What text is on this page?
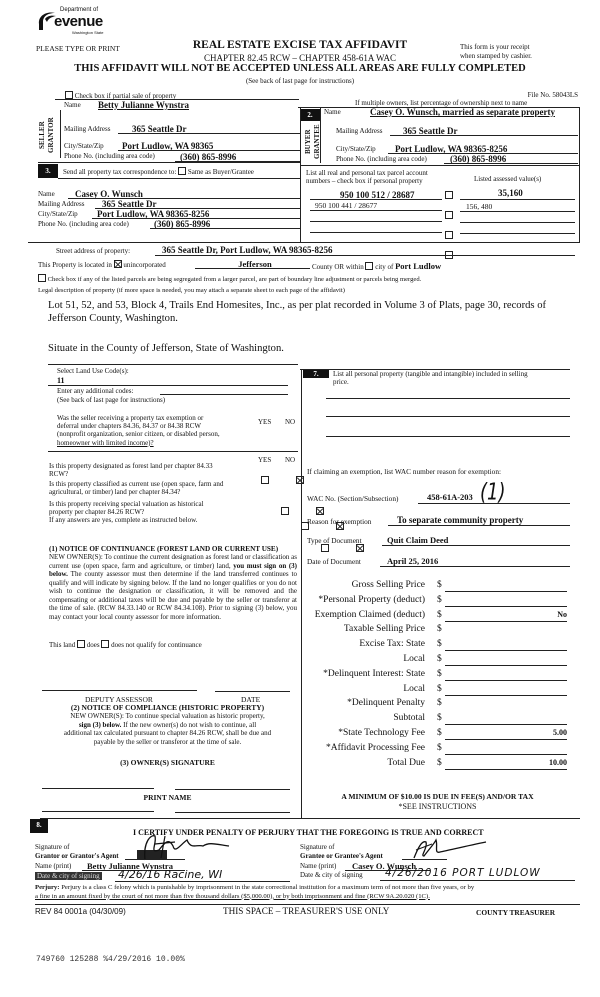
Department of
evenue
Washington State
PLEASE TYPE OR PRINT	REAL ESTATE EXCISE TAX AFFIDAVIT
CHAPTER 82.45 RCW – CHAPTER 458-61A WAC
This form is your receipt
when stamped by cashier.
THIS AFFIDAVIT WILL NOT BE ACCEPTED UNLESS ALL AREAS ARE FULLY COMPLETED
(See back of last page for instructions)
Check box if partial sale of property	File No. 58043LS
If multiple owners, list percentage of ownership next to name
SELLER GRANTOR
Name Betty Julianne Wynstra
Mailing Address 365 Seattle Dr
City/State/Zip Port Ludlow, WA 98365
Phone No. (including area code)	(360) 865-8996
2.
BUYER GRANTEE
Name	Casey O. Wunsch, married as separate property
Mailing Address 365 Seattle Dr
City/State/Zip Port Ludlow, WA 98365-8256
Phone No. (including area code)	(360) 865-8996
3.	Send all property tax correspondence to: Same as Buyer/Grantee
Name Casey O. Wunsch
Mailing Address 365 Seattle Dr
City/State/Zip Port Ludlow, WA 98365-8256
Phone No. (including area code)	(360) 865-8996
List all real and personal tax parcel account
numbers – check box if personal property	Listed assessed value(s)
950 100 512 / 28687	35,160
950 100 441 / 28677	156, 480
Street address of property:	365 Seattle Dr, Port Ludlow, WA 98365-8256
This Property is located in unincorporated	Jefferson	County OR within city of Port Ludlow
Check box if any of the listed parcels are being segregated from a larger parcel, are part of boundary line adjustment or parcels being merged.
Legal description of property (if more space is needed, you may attach a separate sheet to each page of the affidavit)
Lot 51, 52, and 53, Block 4, Trails End Homesites, Inc., as per plat recorded in Volume 3 of Plats, page 30, records of
Jefferson County, Washington.
Situate in the County of Jefferson, State of Washington.
Select Land Use Code(s):
11
Enter any additional codes:
(See back of last page for instructions)
YES NO
Was the seller receiving a property tax exemption or
deferral under chapters 84.36, 84.37 or 84.38 RCW
(nonprofit organization, senior citizen, or disabled person,
homeowner with limited income)?

YES NO
Is this property designated as forest land per chapter 84.33
RCW?

Is this property classified as current use (open space, farm and
agricultural, or timber) land per chapter 84.34?

Is this property receiving special valuation as historical
property per chapter 84.26 RCW?
If any answers are yes, complete as instructed below.

(1) NOTICE OF CONTINUANCE (FOREST LAND OR CURRENT USE)
NEW OWNER(S): To continue the current designation as forest land or classification as current use (open space, farm and agriculture, or timber) land, you must sign on (3) below. The county assessor must then determine if the land transferred continues to qualify and will indicate by signing below. If the land no longer qualifies or you do not wish to continue the designation or classification, it will be removed and the compensating or additional taxes will be due and payable by the seller or transferor at the time of sale. (RCW 84.33.140 or RCW 84.34.108). Prior to signing (3) below, you may contact your local county assessor for more information.
This land does does not qualify for continuance
DEPUTY ASSESSOR	DATE
(2) NOTICE OF COMPLIANCE (HISTORIC PROPERTY)
NEW OWNER(S): To continue special valuation as historic property,
sign (3) below. If the new owner(s) do not wish to continue, all
additional tax calculated pursuant to chapter 84.26 RCW, shall be due and
payable by the seller or transferor at the time of sale.
(3) OWNER(S) SIGNATURE
PRINT NAME
7.	List all personal property (tangible and intangible) included in selling
price.
If claiming an exemption, list WAC number reason for exemption:
WAC No. (Section/Subsection)	458-61A-203 (1)
Reason for exemption	To separate community property
Type of Document	Quit Claim Deed
Date of Document	April 25, 2016
Gross Selling Price $
*Personal Property (deduct) $
Exemption Claimed (deduct) $	No
Taxable Selling Price $
Excise Tax: State $
Local $
*Delinquent Interest: State $
Local $
*Delinquent Penalty $
Subtotal $
*State Technology Fee $	5.00
*Affidavit Processing Fee $
Total Due $	10.00
A MINIMUM OF $10.00 IS DUE IN FEE(S) AND/OR TAX
*SEE INSTRUCTIONS
8.
I CERTIFY UNDER PENALTY OF PERJURY THAT THE FOREGOING IS TRUE AND CORRECT
Signature of
Grantor or Grantor's Agent
Name (print) Betty Julianne Wynstra
Date & city of signing 4/26/16 Racine, WI
Signature of
Grantee or Grantee's Agent
Name (print) Casey O. Wunsch
Date & city of signing 4/26/2016 PORT LUDLOW
Perjury: Perjury is a class C felony which is punishable by imprisonment in the state correctional institution for a maximum term of not more than five years, or by
a fine in an amount fixed by the court of not more than five thousand dollars ($5,000.00), or by both imprisonment and fine (RCW 9A.20.020 (1C).
REV 84 0001a (04/30/09)	THIS SPACE – TREASURER'S USE ONLY	COUNTY TREASURER
749760 125288 %4/29/2016 10.00%
